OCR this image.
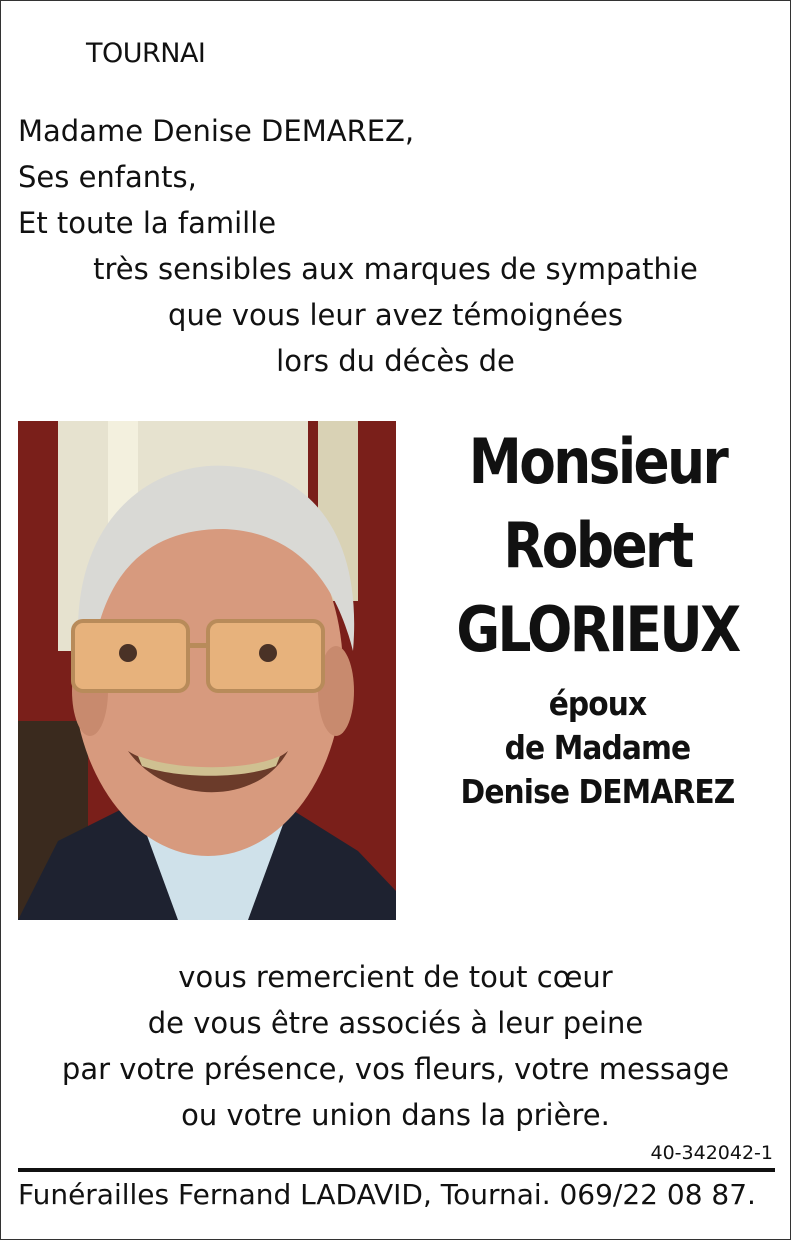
TOURNAI
Madame Denise DEMAREZ,
Ses enfants,
Et toute la famille
très sensibles aux marques de sympathie
que vous leur avez témoignées
lors du décès de
Monsieur
Robert
GLORIEUX
époux
de Madame
Denise DEMAREZ
vous remercient de tout cœur
de vous être associés à leur peine
par votre présence, vos fleurs, votre message
ou votre union dans la prière.
40-342042-1
Funérailles Fernand LADAVID, Tournai. 069/22 08 87.
